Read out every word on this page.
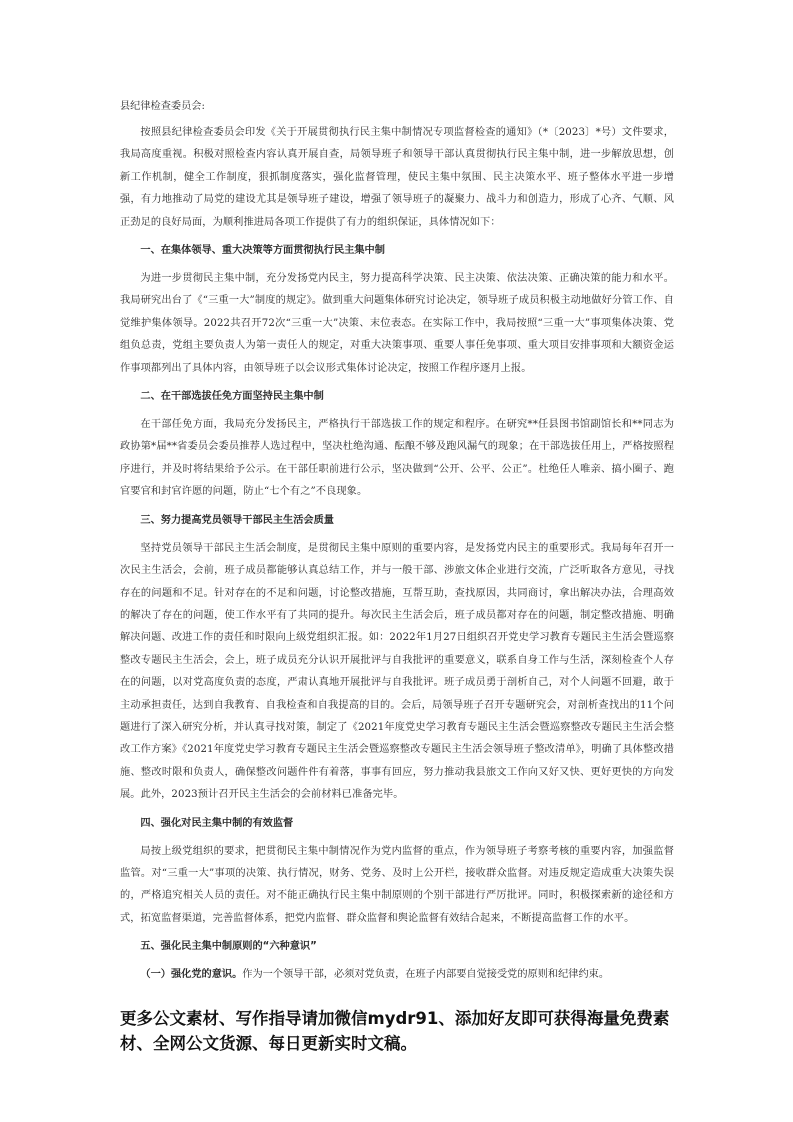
县纪律检查委员会:

按照县纪律检查委员会印发《关于开展贯彻执行民主集中制情况专项监督检查的通知》（*〔2023〕*号）文件要求，我局高度重视。积极对照检查内容认真开展自查，局领导班子和领导干部认真贯彻执行民主集中制，进一步解放思想，创新工作机制，健全工作制度，狠抓制度落实，强化监督管理，使民主集中氛围、民主决策水平、班子整体水平进一步增强，有力地推动了局党的建设尤其是领导班子建设，增强了领导班子的凝聚力、战斗力和创造力，形成了心齐、气顺、风正劲足的良好局面，为顺利推进局各项工作提供了有力的组织保证，具体情况如下：

一、在集体领导、重大决策等方面贯彻执行民主集中制

为进一步贯彻民主集中制，充分发扬党内民主，努力提高科学决策、民主决策、依法决策、正确决策的能力和水平。我局研究出台了《“三重一大”制度的规定》。做到重大问题集体研究讨论决定，领导班子成员积极主动地做好分管工作、自觉维护集体领导。2022共召开72次“三重一大”决策、末位表态。在实际工作中，我局按照“三重一大”事项集体决策、党组负总责，党组主要负责人为第一责任人的规定，对重大决策事项、重要人事任免事项、重大项目安排事项和大额资金运作事项都列出了具体内容，由领导班子以会议形式集体讨论决定，按照工作程序逐月上报。

二、在干部选拔任免方面坚持民主集中制

在干部任免方面，我局充分发扬民主，严格执行干部选拔工作的规定和程序。在研究**任县图书馆副馆长和**同志为政协第*届**省委员会委员推荐人选过程中，坚决杜绝沟通、酝酿不够及跑风漏气的现象；在干部选拔任用上，严格按照程序进行，并及时将结果给予公示。在干部任职前进行公示，坚决做到“公开、公平、公正”。杜绝任人唯亲、搞小圈子、跑官要官和封官许愿的问题，防止“七个有之”不良现象。

三、努力提高党员领导干部民主生活会质量

坚持党员领导干部民主生活会制度，是贯彻民主集中原则的重要内容，是发扬党内民主的重要形式。我局每年召开一次民主生活会，会前，班子成员都能够认真总结工作，并与一般干部、涉旅文体企业进行交流，广泛听取各方意见，寻找存在的问题和不足。针对存在的不足和问题，讨论整改措施，互帮互助，查找原因，共同商讨，拿出解决办法，合理高效的解决了存在的问题，使工作水平有了共同的提升。每次民主生活会后，班子成员都对存在的问题，制定整改措施、明确解决问题、改进工作的责任和时限向上级党组织汇报。如：2022年1月27日组织召开党史学习教育专题民主生活会暨巡察整改专题民主生活会，会上，班子成员充分认识开展批评与自我批评的重要意义，联系自身工作与生活，深刻检查个人存在的问题，以对党高度负责的态度，严肃认真地开展批评与自我批评。班子成员勇于剖析自己，对个人问题不回避，敢于主动承担责任，达到自我教育、自我检查和自我提高的目的。会后，局领导班子召开专题研究会，对剖析查找出的11个问题进行了深入研究分析，并认真寻找对策，制定了《2021年度党史学习教育专题民主生活会暨巡察整改专题民主生活会整改工作方案》《2021年度党史学习教育专题民主生活会暨巡察整改专题民主生活会领导班子整改清单》，明确了具体整改措施、整改时限和负责人，确保整改问题件件有着落，事事有回应，努力推动我县旅文工作向又好又快、更好更快的方向发展。此外，2023预计召开民主生活会的会前材料已准备完毕。

四、强化对民主集中制的有效监督

局按上级党组织的要求，把贯彻民主集中制情况作为党内监督的重点，作为领导班子考察考核的重要内容，加强监督监管。对“三重一大”事项的决策、执行情况，财务、党务、及时上公开栏，接收群众监督。对违反规定造成重大决策失误的，严格追究相关人员的责任。对不能正确执行民主集中制原则的个别干部进行严厉批评。同时，积极探索新的途径和方式，拓宽监督渠道，完善监督体系，把党内监督、群众监督和舆论监督有效结合起来，不断提高监督工作的水平。

五、强化民主集中制原则的“六种意识”

（一）强化党的意识。作为一个领导干部，必须对党负责，在班子内部要自觉接受党的原则和纪律约束。

更多公文素材、写作指导请加微信mydr91、添加好友即可获得海量免费素材、全网公文货源、每日更新实时文稿。
